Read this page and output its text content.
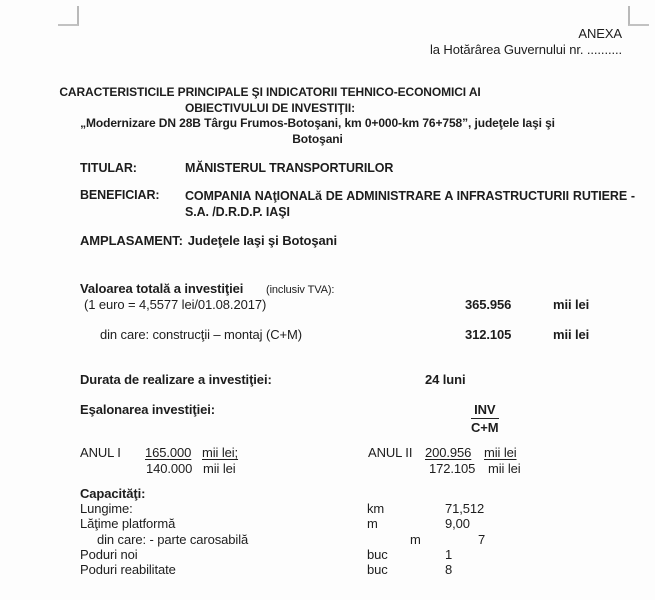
ANEXA
la Hotărârea Guvernului nr. ..........
CARACTERISTICILE PRINCIPALE ŞI INDICATORII TEHNICO-ECONOMICI AI
OBIECTIVULUI DE INVESTIŢII:
„Modernizare DN 28B Târgu Frumos-Botoşani, km 0+000-km 76+758”, judeţele Iaşi şi
Botoşani
TITULAR:	MĂNISTERUL TRANSPORTURILOR
BENEFICIAR:	COMPANIA NAţIONALă DE ADMINISTRARE A INFRASTRUCTURII RUTIERE - S.A. /D.R.D.P. IAŞI
AMPLASAMENT: Judeţele Iaşi şi Botoşani
Valoarea totală a investiţiei (inclusiv TVA):
(1 euro = 4,5577 lei/01.08.2017)	365.956	mii lei
din care: construcţii – montaj (C+M)	312.105	mii lei
Durata de realizare a investiţiei:	24 luni
Eşalonarea investiţiei:	INV
C+M
ANUL I 165.000 mii lei;	ANUL II 200.956 mii lei
140.000 mii lei	172.105 mii lei
Capacităţi:
Lungime:	km	71,512
Lăţime platformă	m	9,00
din care: - parte carosabilă	m	7
Poduri noi	buc	1
Poduri reabilitate	buc	8
